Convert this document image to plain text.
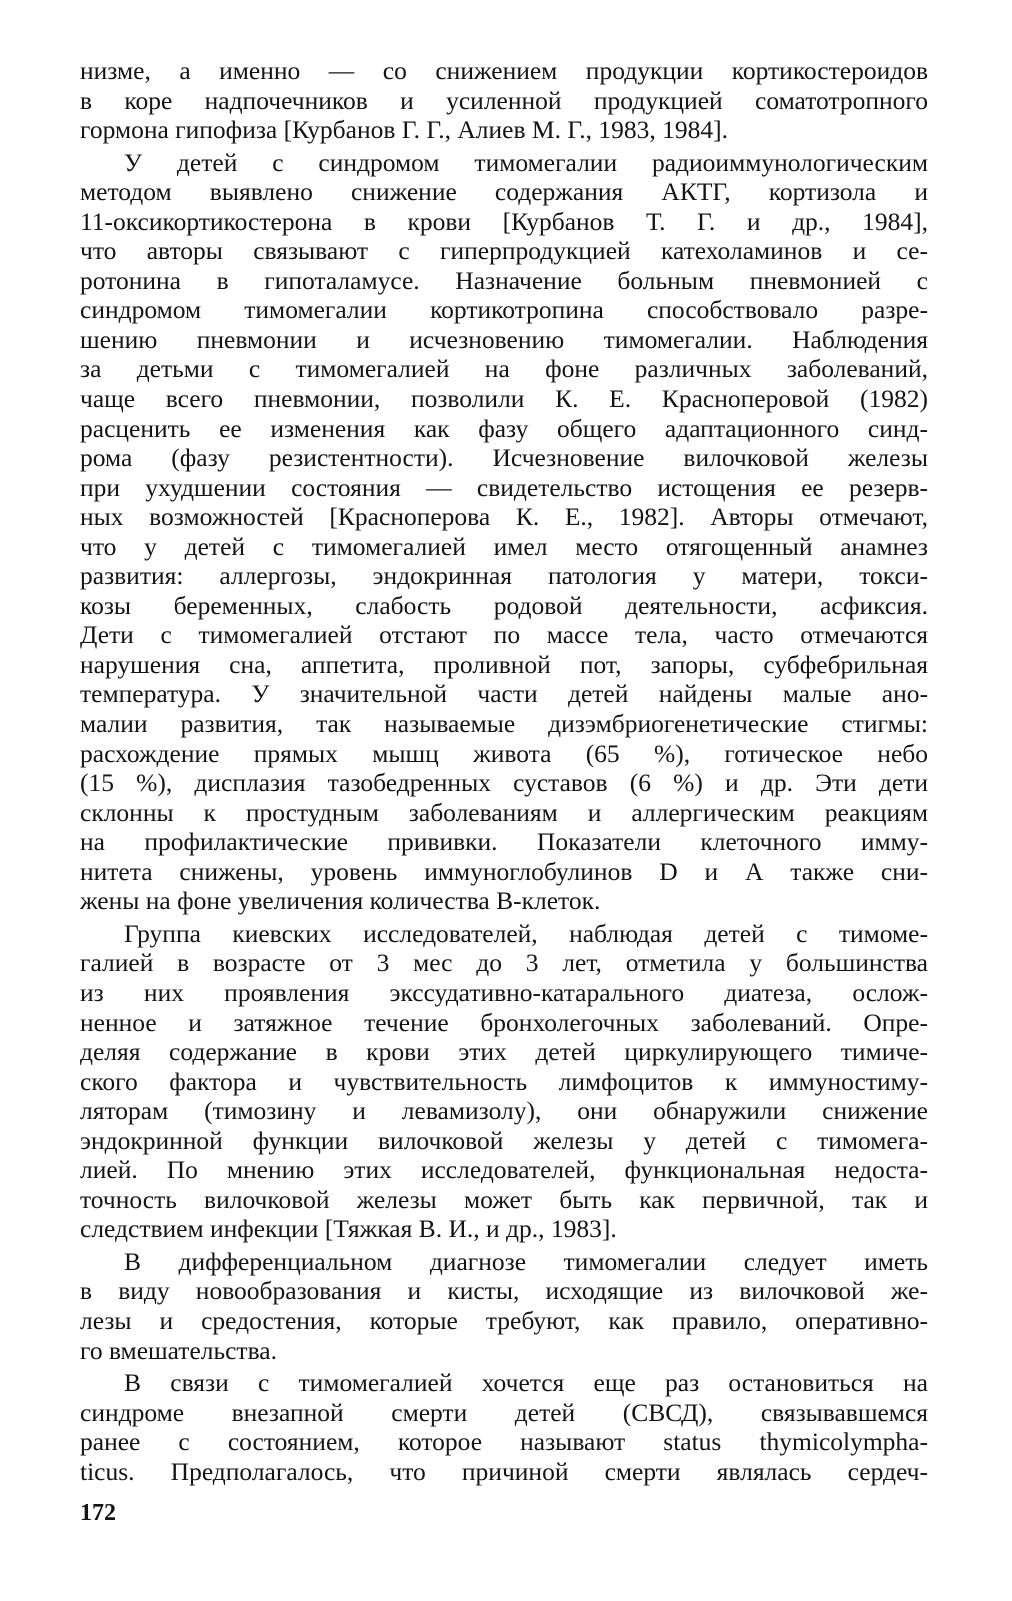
низме, а именно — со снижением продукции кортикостероидов
в коре надпочечников и усиленной продукцией соматотропного
гормона гипофиза [Курбанов Г. Г., Алиев М. Г., 1983, 1984].
У детей с синдромом тимомегалии радиоиммунологическим
методом выявлено снижение содержания АКТГ, кортизола и
11-оксикортикостерона в крови [Курбанов Т. Г. и др., 1984],
что авторы связывают с гиперпродукцией катехоламинов и се-
ротонина в гипоталамусе. Назначение больным пневмонией с
синдромом тимомегалии кортикотропина способствовало разре-
шению пневмонии и исчезновению тимомегалии. Наблюдения
за детьми с тимомегалией на фоне различных заболеваний,
чаще всего пневмонии, позволили К. Е. Красноперовой (1982)
расценить ее изменения как фазу общего адаптационного синд-
рома (фазу резистентности). Исчезновение вилочковой железы
при ухудшении состояния — свидетельство истощения ее резерв-
ных возможностей [Красноперова К. Е., 1982]. Авторы отмечают,
что у детей с тимомегалией имел место отягощенный анамнез
развития: аллергозы, эндокринная патология у матери, токси-
козы беременных, слабость родовой деятельности, асфиксия.
Дети с тимомегалией отстают по массе тела, часто отмечаются
нарушения сна, аппетита, проливной пот, запоры, субфебрильная
температура. У значительной части детей найдены малые ано-
малии развития, так называемые дизэмбриогенетические стигмы:
расхождение прямых мышц живота (65 %), готическое небо
(15 %), дисплазия тазобедренных суставов (6 %) и др. Эти дети
склонны к простудным заболеваниям и аллергическим реакциям
на профилактические прививки. Показатели клеточного имму-
нитета снижены, уровень иммуноглобулинов D и А также сни-
жены на фоне увеличения количества В-клеток.
Группа киевских исследователей, наблюдая детей с тимоме-
галией в возрасте от 3 мес до 3 лет, отметила у большинства
из них проявления экссудативно-катарального диатеза, ослож-
ненное и затяжное течение бронхолегочных заболеваний. Опре-
деляя содержание в крови этих детей циркулирующего тимиче-
ского фактора и чувствительность лимфоцитов к иммуностиму-
ляторам (тимозину и левамизолу), они обнаружили снижение
эндокринной функции вилочковой железы у детей с тимомега-
лией. По мнению этих исследователей, функциональная недоста-
точность вилочковой железы может быть как первичной, так и
следствием инфекции [Тяжкая В. И., и др., 1983].
В дифференциальном диагнозе тимомегалии следует иметь
в виду новообразования и кисты, исходящие из вилочковой же-
лезы и средостения, которые требуют, как правило, оперативно-
го вмешательства.
В связи с тимомегалией хочется еще раз остановиться на
синдроме внезапной смерти детей (СВСД), связывавшемся
ранее с состоянием, которое называют status thymicolympha-
ticus. Предполагалось, что причиной смерти являлась сердеч-
172
